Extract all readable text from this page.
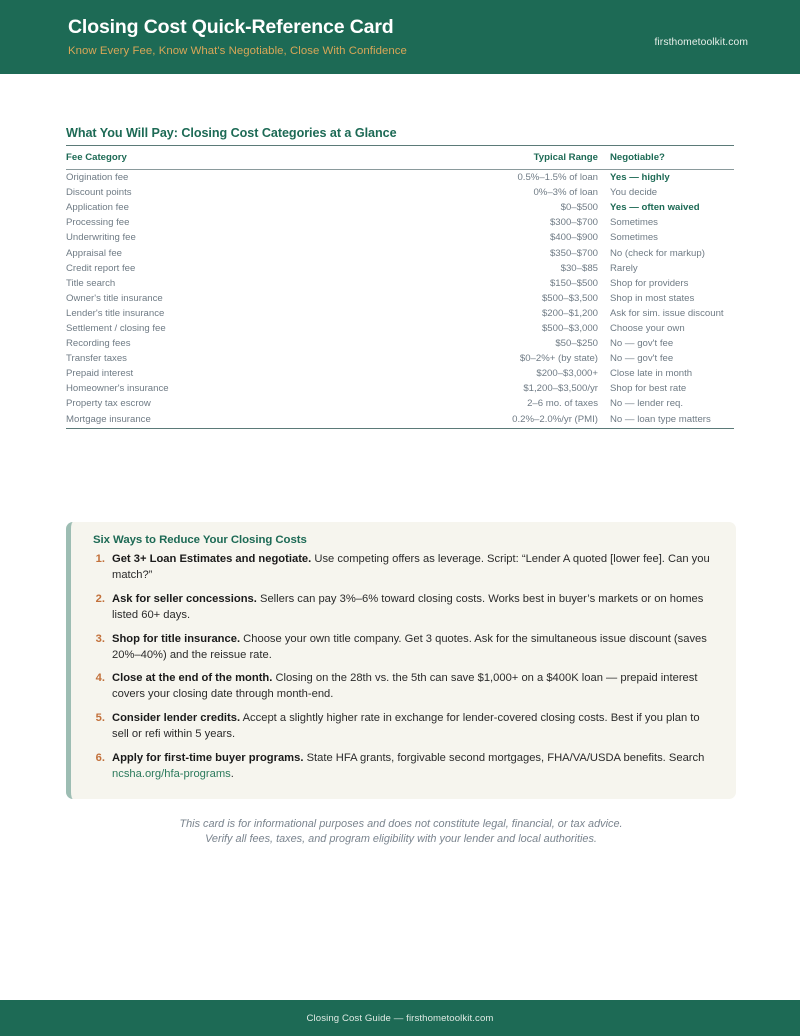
Closing Cost Quick-Reference Card
Know Every Fee, Know What's Negotiable, Close With Confidence
firsthometoolkit.com
What You Will Pay: Closing Cost Categories at a Glance
Fee Category	Typical Range	Negotiable?
Origination fee	0.5%–1.5% of loan	Yes — highly
Discount points	0%–3% of loan	You decide
Application fee	$0–$500	Yes — often waived
Processing fee	$300–$700	Sometimes
Underwriting fee	$400–$900	Sometimes
Appraisal fee	$350–$700	No (check for markup)
Credit report fee	$30–$85	Rarely
Title search	$150–$500	Shop for providers
Owner's title insurance	$500–$3,500	Shop in most states
Lender's title insurance	$200–$1,200	Ask for sim. issue discount
Settlement / closing fee	$500–$3,000	Choose your own
Recording fees	$50–$250	No — gov't fee
Transfer taxes	$0–2%+ (by state)	No — gov't fee
Prepaid interest	$200–$3,000+	Close late in month
Homeowner's insurance	$1,200–$3,500/yr	Shop for best rate
Property tax escrow	2–6 mo. of taxes	No — lender req.
Mortgage insurance	0.2%–2.0%/yr (PMI)	No — loan type matters
Six Ways to Reduce Your Closing Costs
1. Get 3+ Loan Estimates and negotiate. Use competing offers as leverage. Script: “Lender A quoted [lower fee]. Can you match?”
2. Ask for seller concessions. Sellers can pay 3%–6% toward closing costs. Works best in buyer’s markets or on homes listed 60+ days.
3. Shop for title insurance. Choose your own title company. Get 3 quotes. Ask for the simultaneous issue discount (saves 20%–40%) and the reissue rate.
4. Close at the end of the month. Closing on the 28th vs. the 5th can save $1,000+ on a $400K loan — prepaid interest covers your closing date through month-end.
5. Consider lender credits. Accept a slightly higher rate in exchange for lender-covered closing costs. Best if you plan to sell or refi within 5 years.
6. Apply for first-time buyer programs. State HFA grants, forgivable second mortgages, FHA/VA/USDA benefits. Search ncsha.org/hfa-programs.
This card is for informational purposes and does not constitute legal, financial, or tax advice.
Verify all fees, taxes, and program eligibility with your lender and local authorities.
Closing Cost Guide — firsthometoolkit.com
